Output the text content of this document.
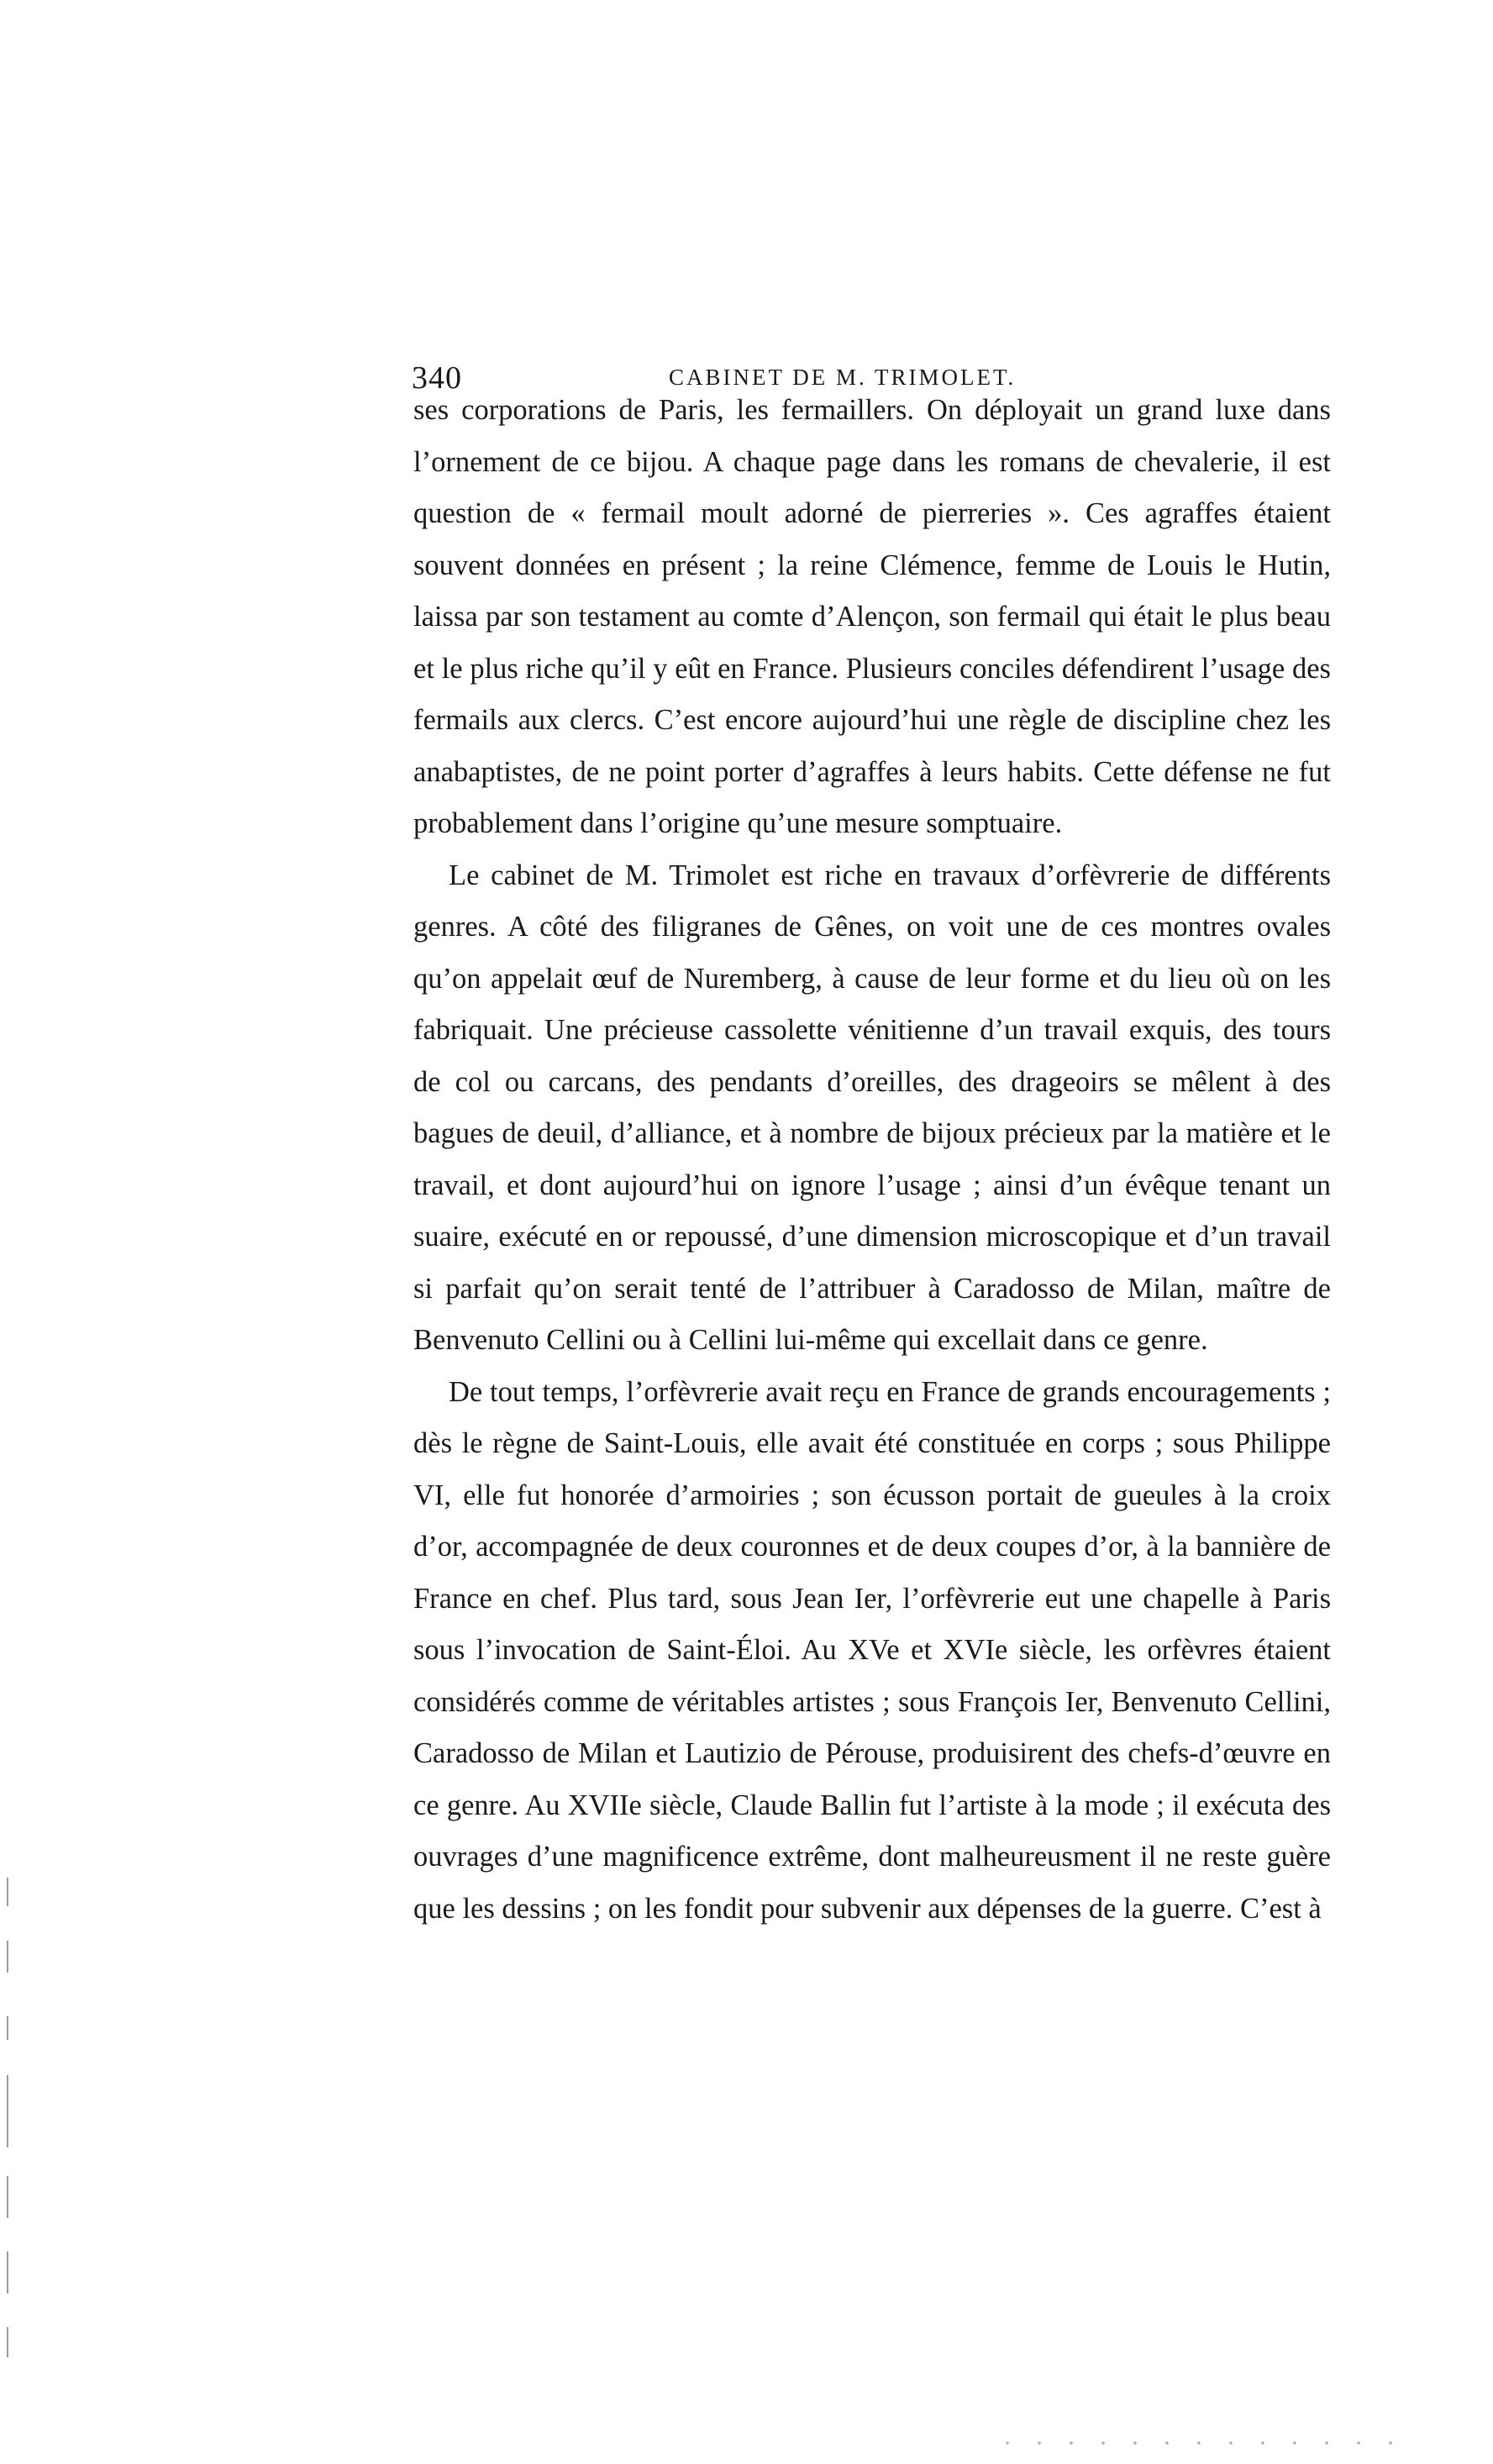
340	CABINET DE M. TRIMOLET.

ses corporations de Paris, les fermaillers. On déployait un grand luxe dans l’ornement de ce bijou. A chaque page dans les romans de chevalerie, il est question de « fermail moult adorné de pierreries ». Ces agraffes étaient souvent données en présent ; la reine Clémence, femme de Louis le Hutin, laissa par son testament au comte d’Alençon, son fermail qui était le plus beau et le plus riche qu’il y eût en France. Plusieurs conciles défendirent l’usage des fermails aux clercs. C’est encore aujourd’hui une règle de discipline chez les anabaptistes, de ne point porter d’agraffes à leurs habits. Cette défense ne fut probablement dans l’origine qu’une mesure somptuaire.

Le cabinet de M. Trimolet est riche en travaux d’orfèvrerie de différents genres. A côté des filigranes de Gênes, on voit une de ces montres ovales qu’on appelait œuf de Nuremberg, à cause de leur forme et du lieu où on les fabriquait. Une précieuse cassolette vénitienne d’un travail exquis, des tours de col ou carcans, des pendants d’oreilles, des drageoirs se mêlent à des bagues de deuil, d’alliance, et à nombre de bijoux précieux par la matière et le travail, et dont aujourd’hui on ignore l’usage ; ainsi d’un évêque tenant un suaire, exécuté en or repoussé, d’une dimension microscopique et d’un travail si parfait qu’on serait tenté de l’attribuer à Caradosso de Milan, maître de Benvenuto Cellini ou à Cellini lui-même qui excellait dans ce genre.

De tout temps, l’orfèvrerie avait reçu en France de grands encouragements ; dès le règne de Saint-Louis, elle avait été constituée en corps ; sous Philippe VI, elle fut honorée d’armoiries ; son écusson portait de gueules à la croix d’or, accompagnée de deux couronnes et de deux coupes d’or, à la bannière de France en chef. Plus tard, sous Jean Ier, l’orfèvrerie eut une chapelle à Paris sous l’invocation de Saint-Éloi. Au XVe et XVIe siècle, les orfèvres étaient considérés comme de véritables artistes ; sous François Ier, Benvenuto Cellini, Caradosso de Milan et Lautizio de Pérouse, produisirent des chefs-d’œuvre en ce genre. Au XVIIe siècle, Claude Ballin fut l’artiste à la mode ; il exécuta des ouvrages d’une magnificence extrême, dont malheureusment il ne reste guère que les dessins ; on les fondit pour subvenir aux dépenses de la guerre. C’est à
